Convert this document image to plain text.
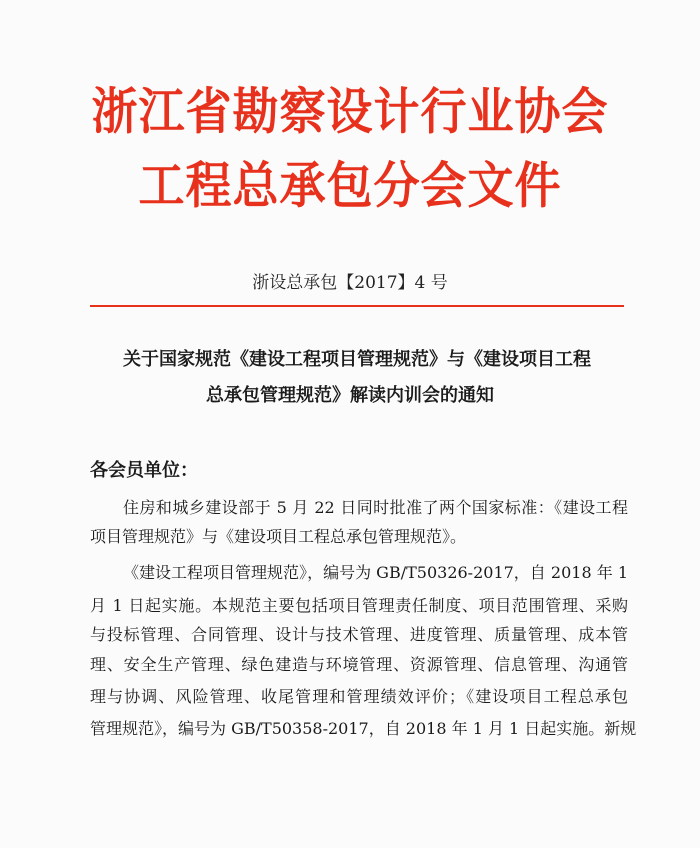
浙江省勘察设计行业协会
工程总承包分会文件
浙设总承包【2017】4 号
关于国家规范《建设工程项目管理规范》与《建设项目工程
总承包管理规范》解读内训会的通知
各会员单位：
住房和城乡建设部于 5 月 22 日同时批准了两个国家标准：《建设工程
项目管理规范》与《建设项目工程总承包管理规范》。
《建设工程项目管理规范》，编号为 GB/T50326-2017，自 2018 年 1
月 1 日起实施。本规范主要包括项目管理责任制度、项目范围管理、采购
与投标管理、合同管理、设计与技术管理、进度管理、质量管理、成本管
理、安全生产管理、绿色建造与环境管理、资源管理、信息管理、沟通管
理与协调、风险管理、收尾管理和管理绩效评价；《建设项目工程总承包
管理规范》，编号为 GB/T50358-2017，自 2018 年 1 月 1 日起实施。新规
